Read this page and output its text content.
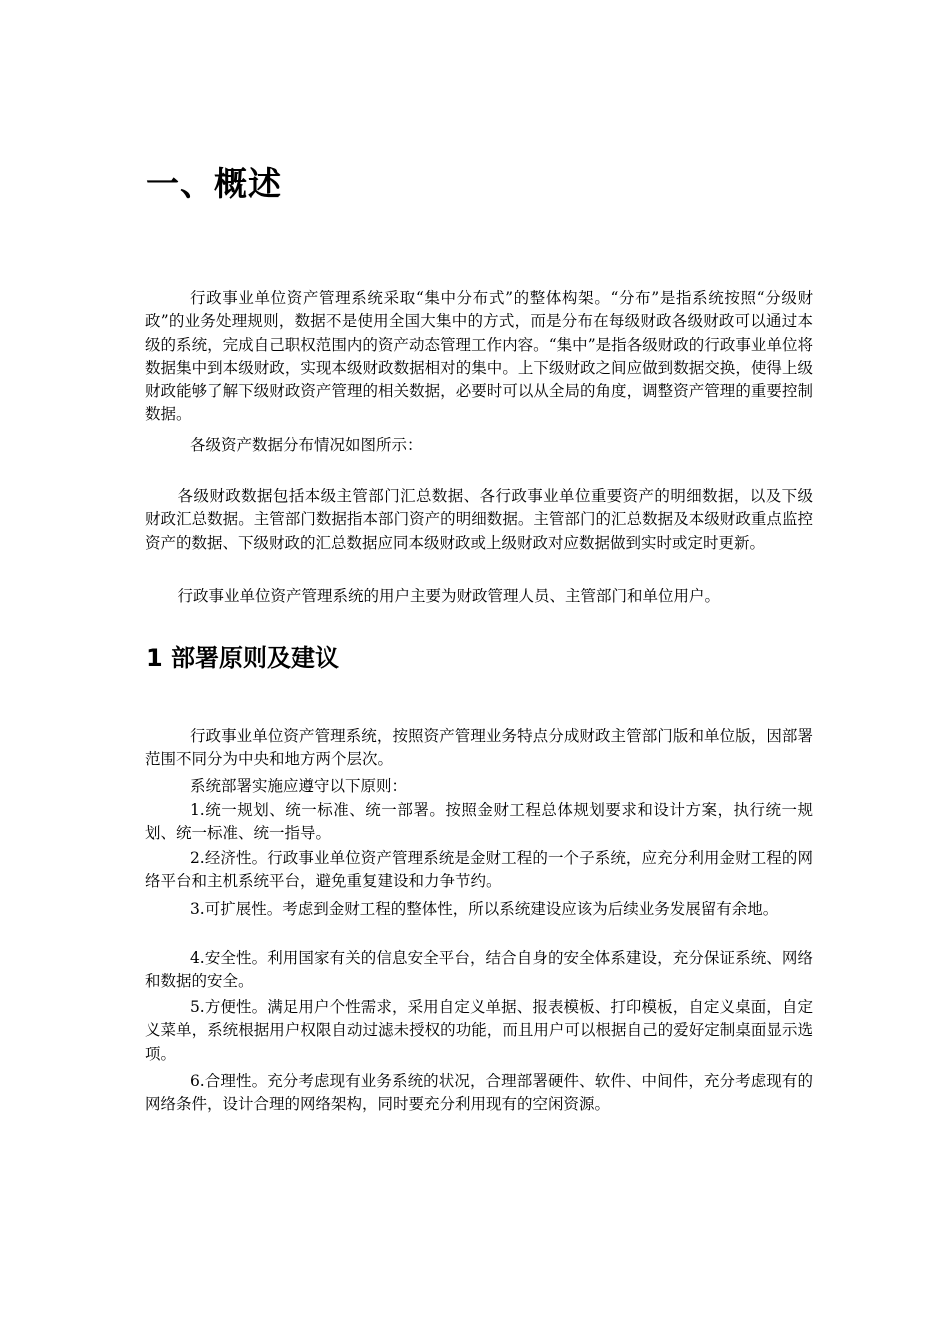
一、概述

行政事业单位资产管理系统采取“集中分布式”的整体构架。“分布”是指系统按照“分级财政”的业务处理规则，数据不是使用全国大集中的方式，而是分布在每级财政各级财政可以通过本级的系统，完成自己职权范围内的资产动态管理工作内容。“集中”是指各级财政的行政事业单位将数据集中到本级财政，实现本级财政数据相对的集中。上下级财政之间应做到数据交换，使得上级财政能够了解下级财政资产管理的相关数据，必要时可以从全局的角度，调整资产管理的重要控制数据。

各级资产数据分布情况如图所示：

各级财政数据包括本级主管部门汇总数据、各行政事业单位重要资产的明细数据，以及下级财政汇总数据。主管部门数据指本部门资产的明细数据。主管部门的汇总数据及本级财政重点监控资产的数据、下级财政的汇总数据应同本级财政或上级财政对应数据做到实时或定时更新。

行政事业单位资产管理系统的用户主要为财政管理人员、主管部门和单位用户。

1 部署原则及建议

行政事业单位资产管理系统，按照资产管理业务特点分成财政主管部门版和单位版，因部署范围不同分为中央和地方两个层次。

系统部署实施应遵守以下原则：

1.统一规划、统一标准、统一部署。按照金财工程总体规划要求和设计方案，执行统一规划、统一标准、统一指导。

2.经济性。行政事业单位资产管理系统是金财工程的一个子系统，应充分利用金财工程的网络平台和主机系统平台，避免重复建设和力争节约。

3.可扩展性。考虑到金财工程的整体性，所以系统建设应该为后续业务发展留有余地。

4.安全性。利用国家有关的信息安全平台，结合自身的安全体系建设，充分保证系统、网络和数据的安全。

5.方便性。满足用户个性需求，采用自定义单据、报表模板、打印模板，自定义桌面，自定义菜单，系统根据用户权限自动过滤未授权的功能，而且用户可以根据自己的爱好定制桌面显示选项。

6.合理性。充分考虑现有业务系统的状况，合理部署硬件、软件、中间件，充分考虑现有的网络条件，设计合理的网络架构，同时要充分利用现有的空闲资源。
